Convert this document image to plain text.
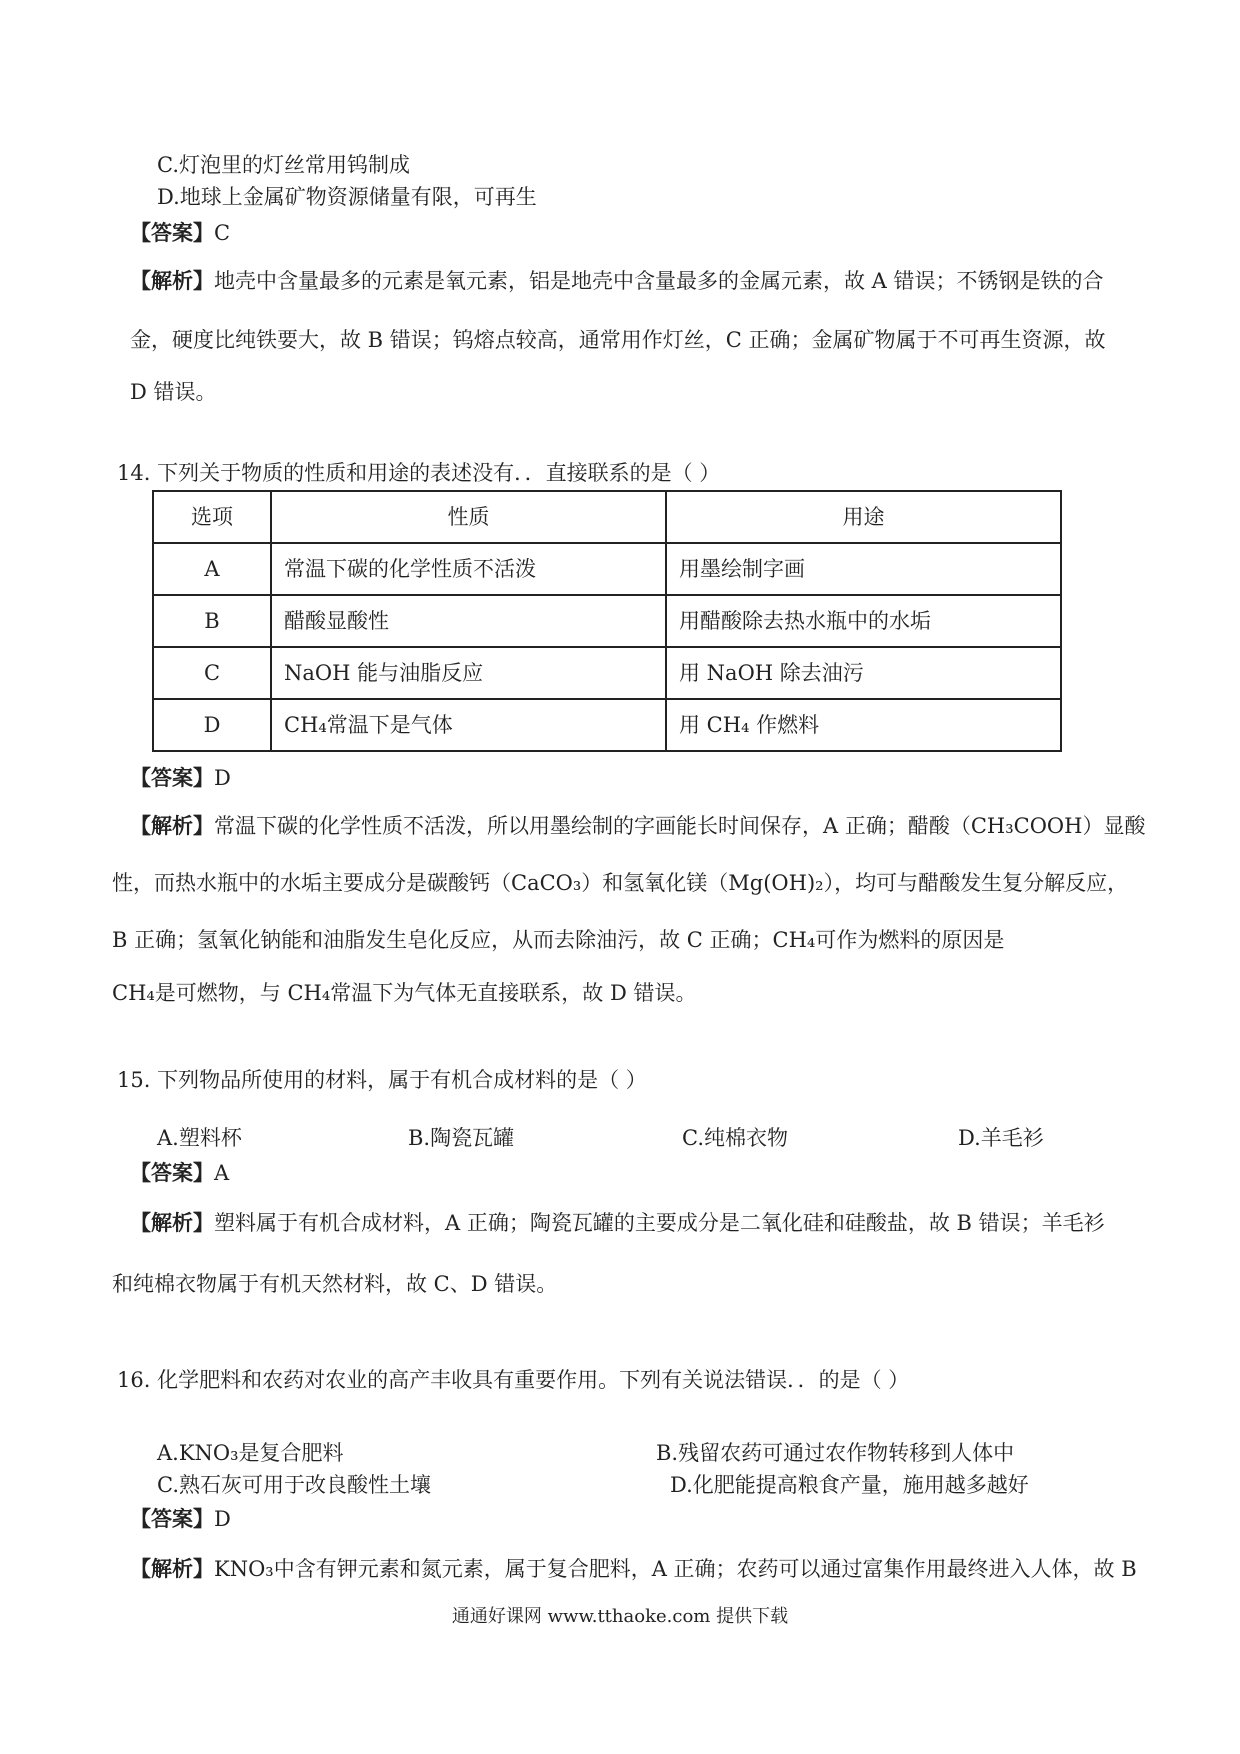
C.灯泡里的灯丝常用钨制成
D.地球上金属矿物资源储量有限，可再生
【答案】C
【解析】地壳中含量最多的元素是氧元素，铝是地壳中含量最多的金属元素，故 A 错误；不锈钢是铁的合
金，硬度比纯铁要大，故 B 错误；钨熔点较高，通常用作灯丝，C 正确；金属矿物属于不可再生资源，故
D 错误。
14. 下列关于物质的性质和用途的表述没有．．直接联系的是（ ）
选项	性质	用途
A	常温下碳的化学性质不活泼	用墨绘制字画
B	醋酸显酸性	用醋酸除去热水瓶中的水垢
C	NaOH 能与油脂反应	用 NaOH 除去油污
D	CH₄常温下是气体	用 CH₄ 作燃料
【答案】D
【解析】常温下碳的化学性质不活泼，所以用墨绘制的字画能长时间保存，A 正确；醋酸（CH₃COOH）显酸
性，而热水瓶中的水垢主要成分是碳酸钙（CaCO₃）和氢氧化镁（Mg(OH)₂），均可与醋酸发生复分解反应，
B 正确；氢氧化钠能和油脂发生皂化反应，从而去除油污，故 C 正确；CH₄可作为燃料的原因是
CH₄是可燃物，与 CH₄常温下为气体无直接联系，故 D 错误。
15. 下列物品所使用的材料，属于有机合成材料的是（ ）
A.塑料杯	B.陶瓷瓦罐	C.纯棉衣物	D.羊毛衫
【答案】A
【解析】塑料属于有机合成材料，A 正确；陶瓷瓦罐的主要成分是二氧化硅和硅酸盐，故 B 错误；羊毛衫
和纯棉衣物属于有机天然材料，故 C、D 错误。
16. 化学肥料和农药对农业的高产丰收具有重要作用。下列有关说法错误．．的是（ ）
A.KNO₃是复合肥料	B.残留农药可通过农作物转移到人体中
C.熟石灰可用于改良酸性土壤	D.化肥能提高粮食产量，施用越多越好
【答案】D
【解析】KNO₃中含有钾元素和氮元素，属于复合肥料，A 正确；农药可以通过富集作用最终进入人体，故 B
通通好课网 www.tthaoke.com 提供下载
